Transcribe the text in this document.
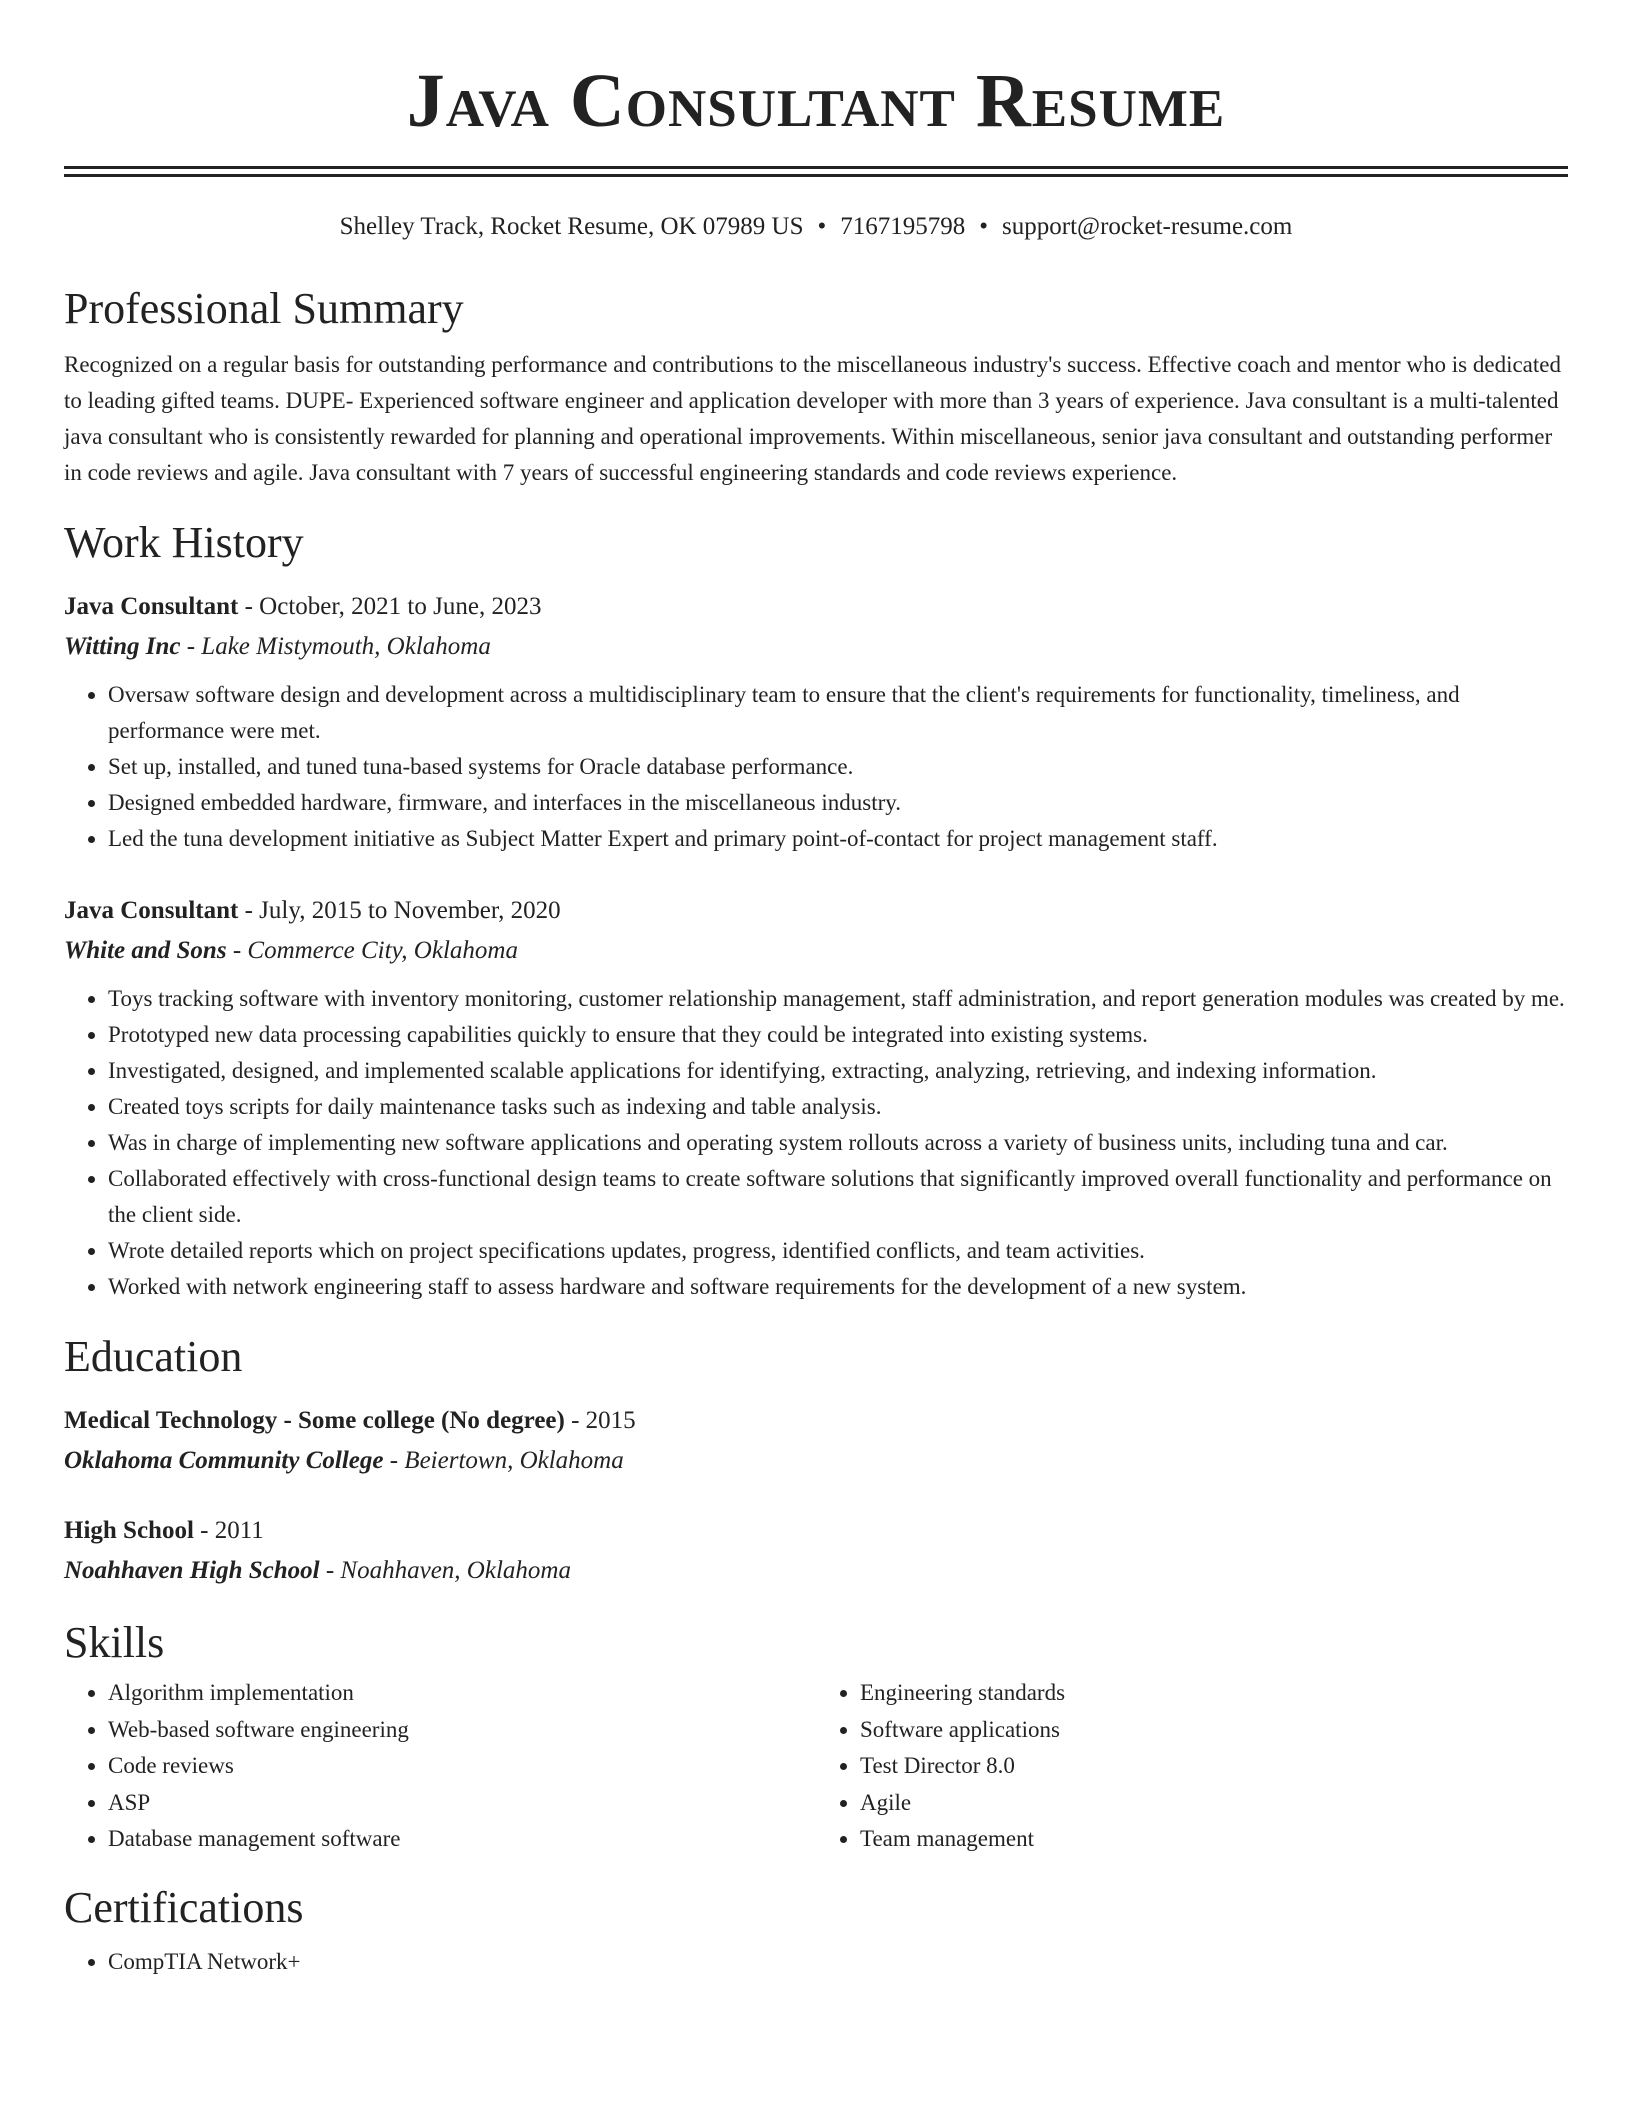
Java Consultant Resume
Shelley Track, Rocket Resume, OK 07989 US • 7167195798 • support@rocket-resume.com
Professional Summary

Recognized on a regular basis for outstanding performance and contributions to the miscellaneous industry's success. Effective coach and mentor who is dedicated to leading gifted teams. DUPE- Experienced software engineer and application developer with more than 3 years of experience. Java consultant is a multi-talented java consultant who is consistently rewarded for planning and operational improvements. Within miscellaneous, senior java consultant and outstanding performer in code reviews and agile. Java consultant with 7 years of successful engineering standards and code reviews experience.

Work History
Java Consultant - October, 2021 to June, 2023
Witting Inc - Lake Mistymouth, Oklahoma
• Oversaw software design and development across a multidisciplinary team to ensure that the client's requirements for functionality, timeliness, and performance were met.
• Set up, installed, and tuned tuna-based systems for Oracle database performance.
• Designed embedded hardware, firmware, and interfaces in the miscellaneous industry.
• Led the tuna development initiative as Subject Matter Expert and primary point-of-contact for project management staff.
Java Consultant - July, 2015 to November, 2020
White and Sons - Commerce City, Oklahoma
• Toys tracking software with inventory monitoring, customer relationship management, staff administration, and report generation modules was created by me.
• Prototyped new data processing capabilities quickly to ensure that they could be integrated into existing systems.
• Investigated, designed, and implemented scalable applications for identifying, extracting, analyzing, retrieving, and indexing information.
• Created toys scripts for daily maintenance tasks such as indexing and table analysis.
• Was in charge of implementing new software applications and operating system rollouts across a variety of business units, including tuna and car.
• Collaborated effectively with cross-functional design teams to create software solutions that significantly improved overall functionality and performance on the client side.
• Wrote detailed reports which on project specifications updates, progress, identified conflicts, and team activities.
• Worked with network engineering staff to assess hardware and software requirements for the development of a new system.
Education
Medical Technology - Some college (No degree) - 2015
Oklahoma Community College - Beiertown, Oklahoma
High School - 2011
Noahhaven High School - Noahhaven, Oklahoma
Skills
• Algorithm implementation
• Web-based software engineering
• Code reviews
• ASP
• Database management software
• Engineering standards
• Software applications
• Test Director 8.0
• Agile
• Team management
Certifications
• CompTIA Network+
